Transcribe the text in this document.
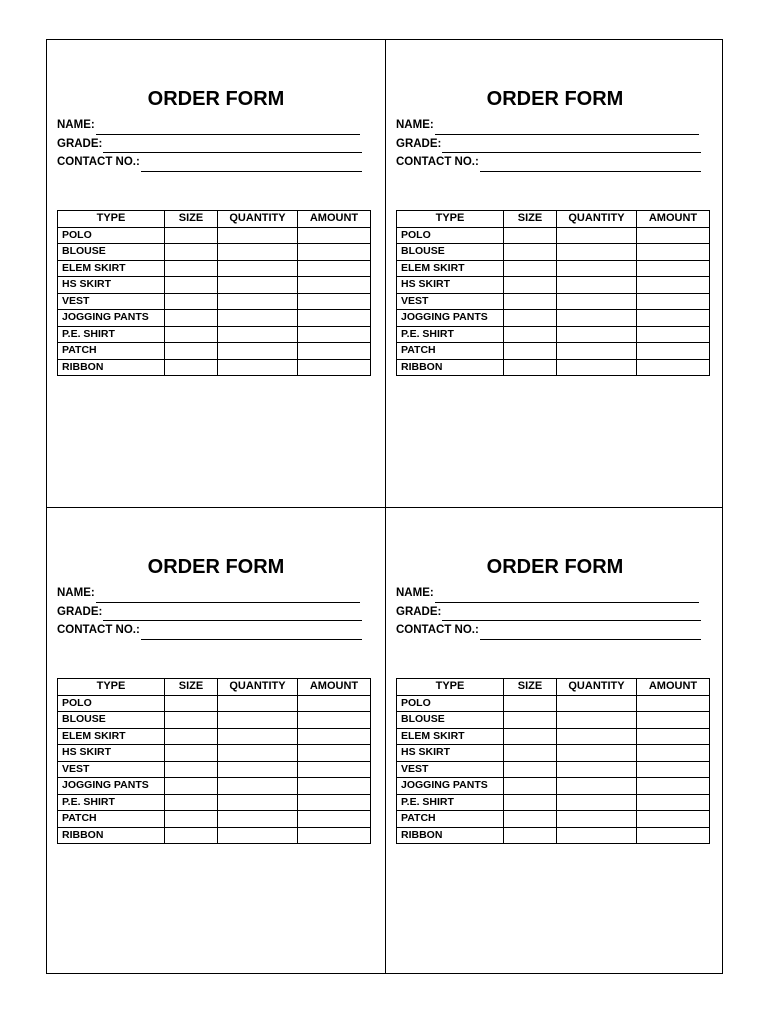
ORDER FORM
NAME:
GRADE:
CONTACT NO.:
TYPE	SIZE	QUANTITY	AMOUNT
POLO			
BLOUSE			
ELEM SKIRT			
HS SKIRT			
VEST			
JOGGING PANTS			
P.E. SHIRT			
PATCH			
RIBBON			
ORDER FORM
NAME:
GRADE:
CONTACT NO.:
TYPE	SIZE	QUANTITY	AMOUNT
POLO			
BLOUSE			
ELEM SKIRT			
HS SKIRT			
VEST			
JOGGING PANTS			
P.E. SHIRT			
PATCH			
RIBBON			
ORDER FORM
NAME:
GRADE:
CONTACT NO.:
TYPE	SIZE	QUANTITY	AMOUNT
POLO			
BLOUSE			
ELEM SKIRT			
HS SKIRT			
VEST			
JOGGING PANTS			
P.E. SHIRT			
PATCH			
RIBBON			
ORDER FORM
NAME:
GRADE:
CONTACT NO.:
TYPE	SIZE	QUANTITY	AMOUNT
POLO			
BLOUSE			
ELEM SKIRT			
HS SKIRT			
VEST			
JOGGING PANTS			
P.E. SHIRT			
PATCH			
RIBBON			
